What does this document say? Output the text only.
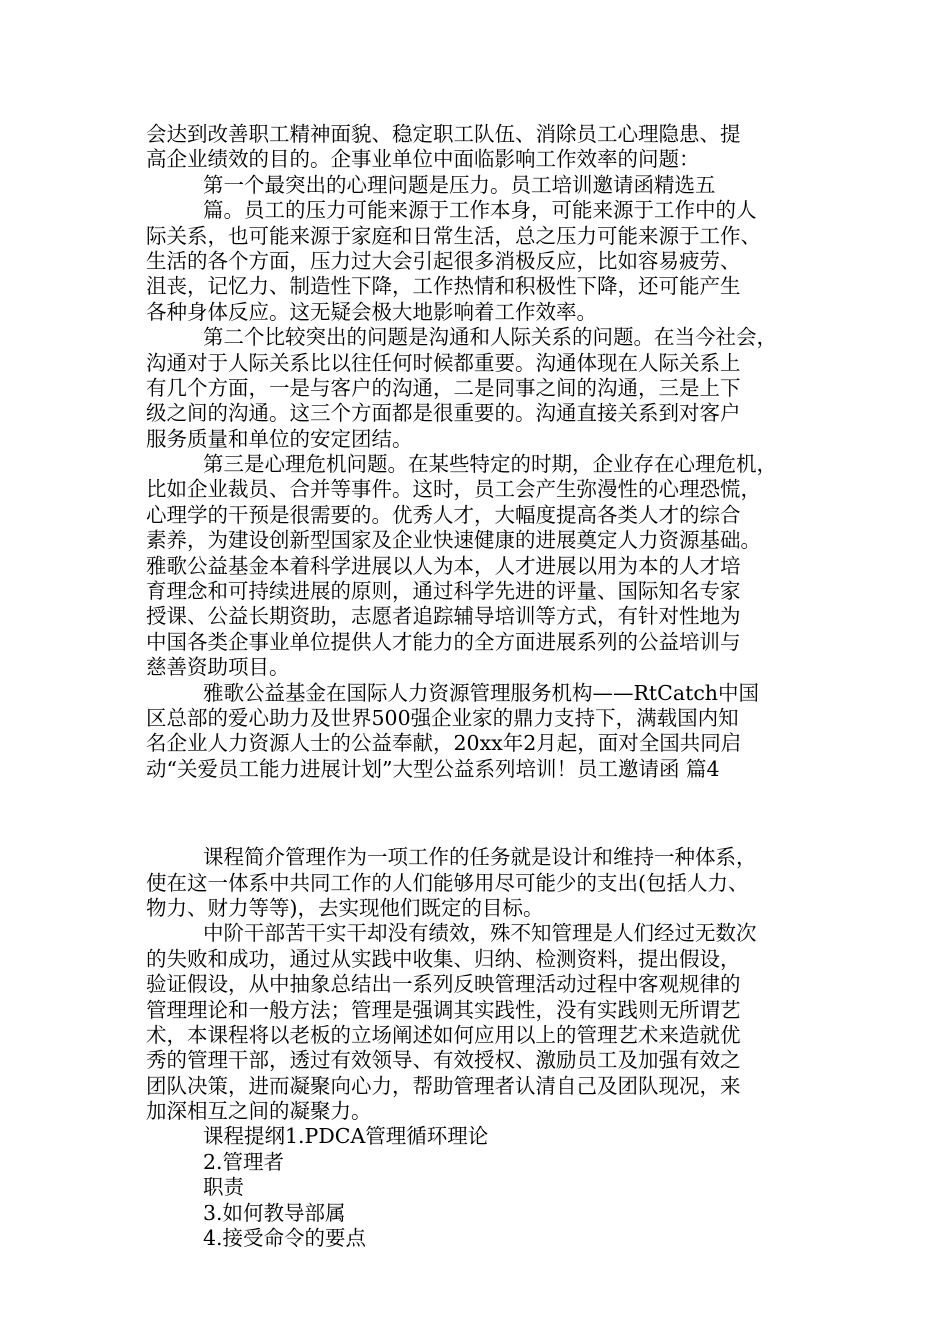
会达到改善职工精神面貌、稳定职工队伍、消除员工心理隐患、提
高企业绩效的目的。企事业单位中面临影响工作效率的问题：
第一个最突出的心理问题是压力。员工培训邀请函精选五
篇。员工的压力可能来源于工作本身，可能来源于工作中的人
际关系，也可能来源于家庭和日常生活，总之压力可能来源于工作、
生活的各个方面，压力过大会引起很多消极反应，比如容易疲劳、
沮丧，记忆力、制造性下降，工作热情和积极性下降，还可能产生
各种身体反应。这无疑会极大地影响着工作效率。
第二个比较突出的问题是沟通和人际关系的问题。在当今社会，
沟通对于人际关系比以往任何时候都重要。沟通体现在人际关系上
有几个方面，一是与客户的沟通，二是同事之间的沟通，三是上下
级之间的沟通。这三个方面都是很重要的。沟通直接关系到对客户
服务质量和单位的安定团结。
第三是心理危机问题。在某些特定的时期，企业存在心理危机，
比如企业裁员、合并等事件。这时，员工会产生弥漫性的心理恐慌，
心理学的干预是很需要的。优秀人才，大幅度提高各类人才的综合
素养，为建设创新型国家及企业快速健康的进展奠定人力资源基础。
雅歌公益基金本着科学进展以人为本，人才进展以用为本的人才培
育理念和可持续进展的原则，通过科学先进的评量、国际知名专家
授课、公益长期资助，志愿者追踪辅导培训等方式，有针对性地为
中国各类企事业单位提供人才能力的全方面进展系列的公益培训与
慈善资助项目。
雅歌公益基金在国际人力资源管理服务机构——RtCatch中国
区总部的爱心助力及世界500强企业家的鼎力支持下，满载国内知
名企业人力资源人士的公益奉献，20xx年2月起，面对全国共同启
动“关爱员工能力进展计划”大型公益系列培训！员工邀请函 篇4
课程简介管理作为一项工作的任务就是设计和维持一种体系，
使在这一体系中共同工作的人们能够用尽可能少的支出(包括人力、
物力、财力等等)，去实现他们既定的目标。
中阶干部苦干实干却没有绩效，殊不知管理是人们经过无数次
的失败和成功，通过从实践中收集、归纳、检测资料，提出假设，
验证假设，从中抽象总结出一系列反映管理活动过程中客观规律的
管理理论和一般方法；管理是强调其实践性，没有实践则无所谓艺
术，本课程将以老板的立场阐述如何应用以上的管理艺术来造就优
秀的管理干部，透过有效领导、有效授权、激励员工及加强有效之
团队决策，进而凝聚向心力，帮助管理者认清自己及团队现况，来
加深相互之间的凝聚力。
课程提纲1.PDCA管理循环理论
2.管理者
职责
3.如何教导部属
4.接受命令的要点
